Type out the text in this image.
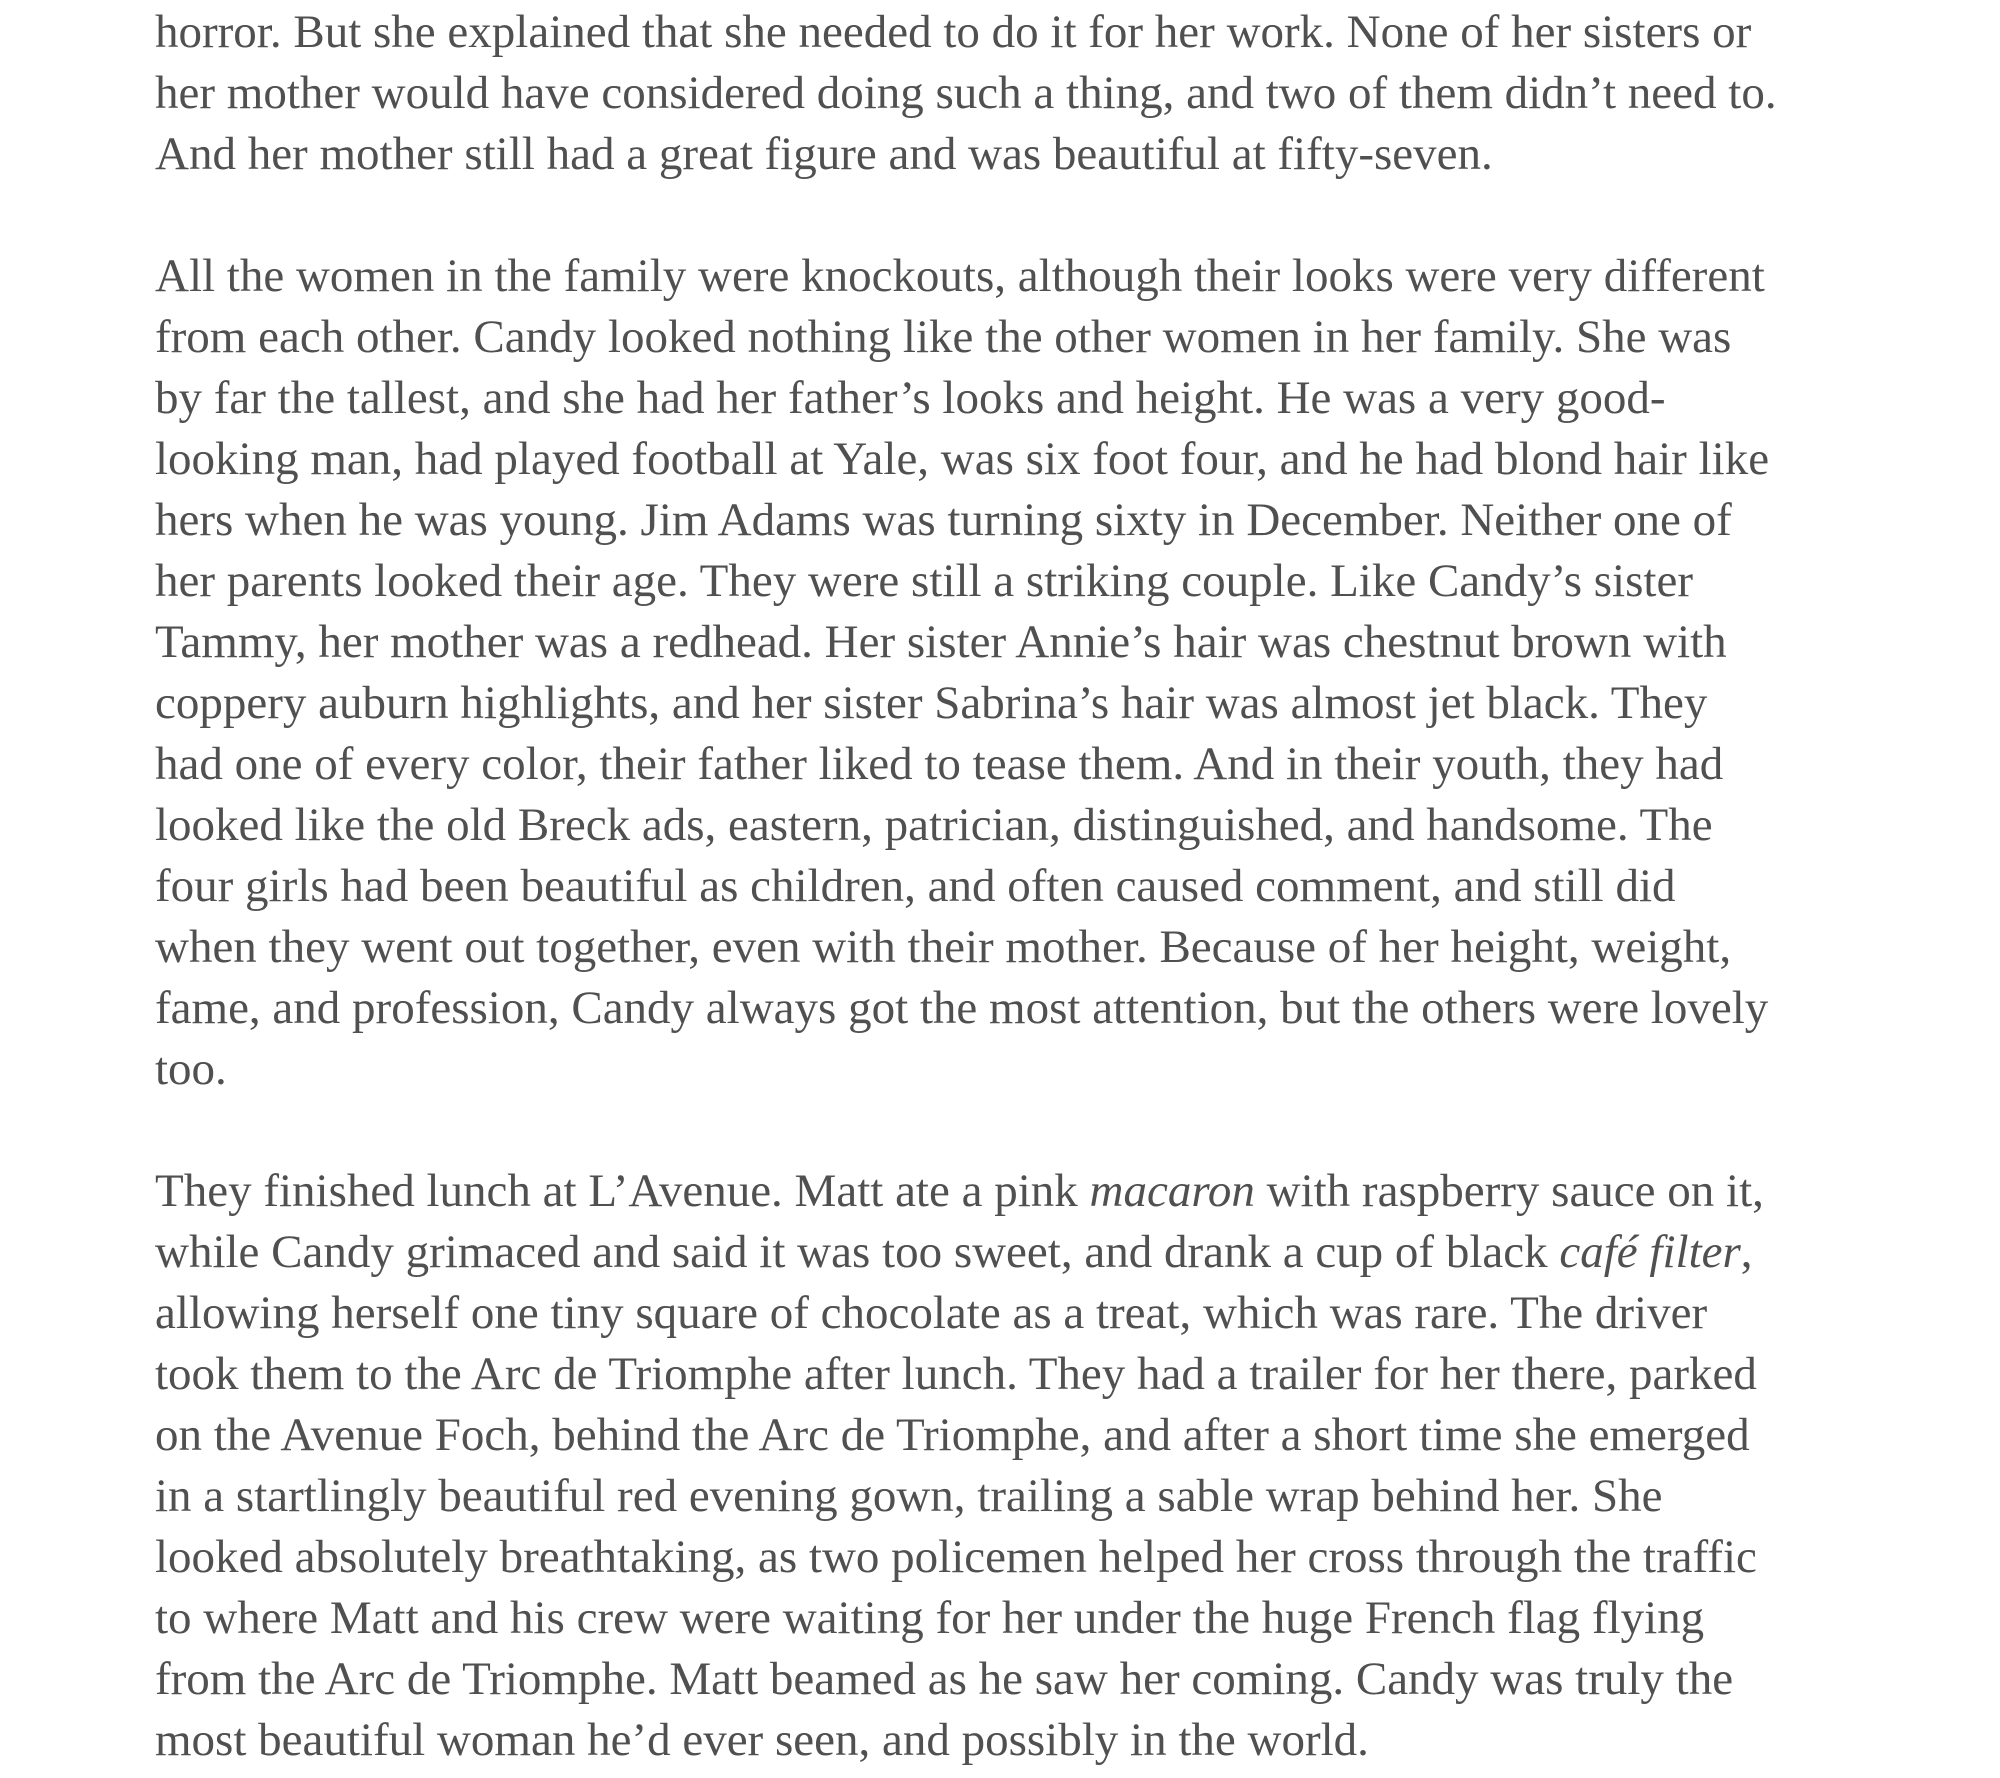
horror. But she explained that she needed to do it for her work. None of her sisters or
her mother would have considered doing such a thing, and two of them didn’t need to.
And her mother still had a great figure and was beautiful at fifty-seven.
All the women in the family were knockouts, although their looks were very different
from each other. Candy looked nothing like the other women in her family. She was
by far the tallest, and she had her father’s looks and height. He was a very good-
looking man, had played football at Yale, was six foot four, and he had blond hair like
hers when he was young. Jim Adams was turning sixty in December. Neither one of
her parents looked their age. They were still a striking couple. Like Candy’s sister
Tammy, her mother was a redhead. Her sister Annie’s hair was chestnut brown with
coppery auburn highlights, and her sister Sabrina’s hair was almost jet black. They
had one of every color, their father liked to tease them. And in their youth, they had
looked like the old Breck ads, eastern, patrician, distinguished, and handsome. The
four girls had been beautiful as children, and often caused comment, and still did
when they went out together, even with their mother. Because of her height, weight,
fame, and profession, Candy always got the most attention, but the others were lovely
too.
They finished lunch at L’Avenue. Matt ate a pink macaron with raspberry sauce on it,
while Candy grimaced and said it was too sweet, and drank a cup of black café filter,
allowing herself one tiny square of chocolate as a treat, which was rare. The driver
took them to the Arc de Triomphe after lunch. They had a trailer for her there, parked
on the Avenue Foch, behind the Arc de Triomphe, and after a short time she emerged
in a startlingly beautiful red evening gown, trailing a sable wrap behind her. She
looked absolutely breathtaking, as two policemen helped her cross through the traffic
to where Matt and his crew were waiting for her under the huge French flag flying
from the Arc de Triomphe. Matt beamed as he saw her coming. Candy was truly the
most beautiful woman he’d ever seen, and possibly in the world.
